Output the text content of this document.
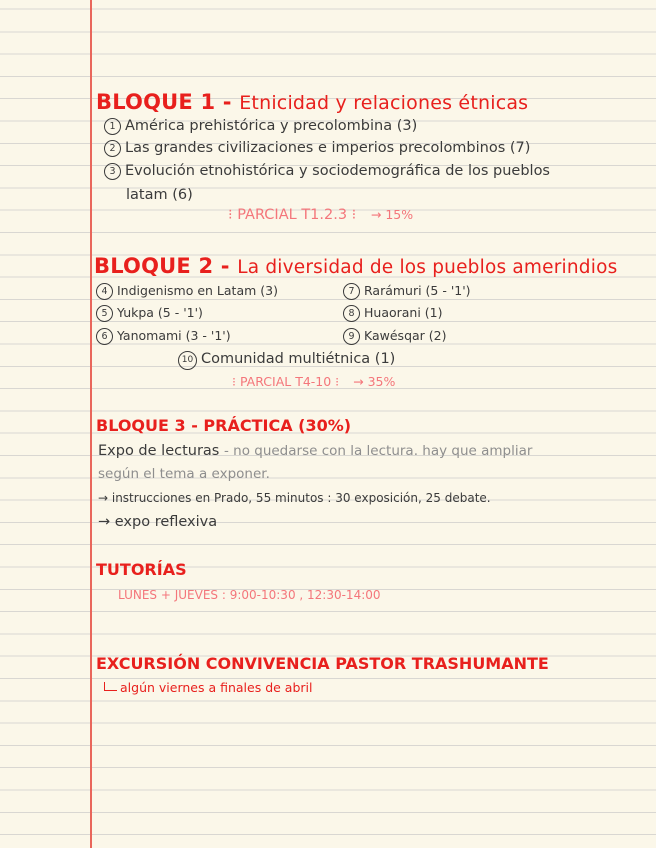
BLOQUE 1 - Etnicidad y relaciones étnicas
1 América prehistórica y precolombina (3)
2 Las grandes civilizaciones e imperios precolombinos (7)
3 Evolución etnohistórica y sociodemográfica de los pueblos
latam (6)
⁝ PARCIAL T1.2.3 ⁝ → 15%
BLOQUE 2 - La diversidad de los pueblos amerindios
4 Indigenismo en Latam (3)
5 Yukpa (5 - '1')
6 Yanomami (3 - '1')
7 Rarámuri (5 - '1')
8 Huaorani (1)
9 Kawésqar (2)
10 Comunidad multiétnica (1)
⁝ PARCIAL T4-10 ⁝ → 35%
BLOQUE 3 - PRÁCTICA (30%)
Expo de lecturas - no quedarse con la lectura. hay que ampliar
según el tema a exponer.
→ instrucciones en Prado, 55 minutos : 30 exposición, 25 debate.
→ expo reflexiva
TUTORÍAS
LUNES + JUEVES : 9:00-10:30 , 12:30-14:00
EXCURSIÓN CONVIVENCIA PASTOR TRASHUMANTE
algún viernes a finales de abril
